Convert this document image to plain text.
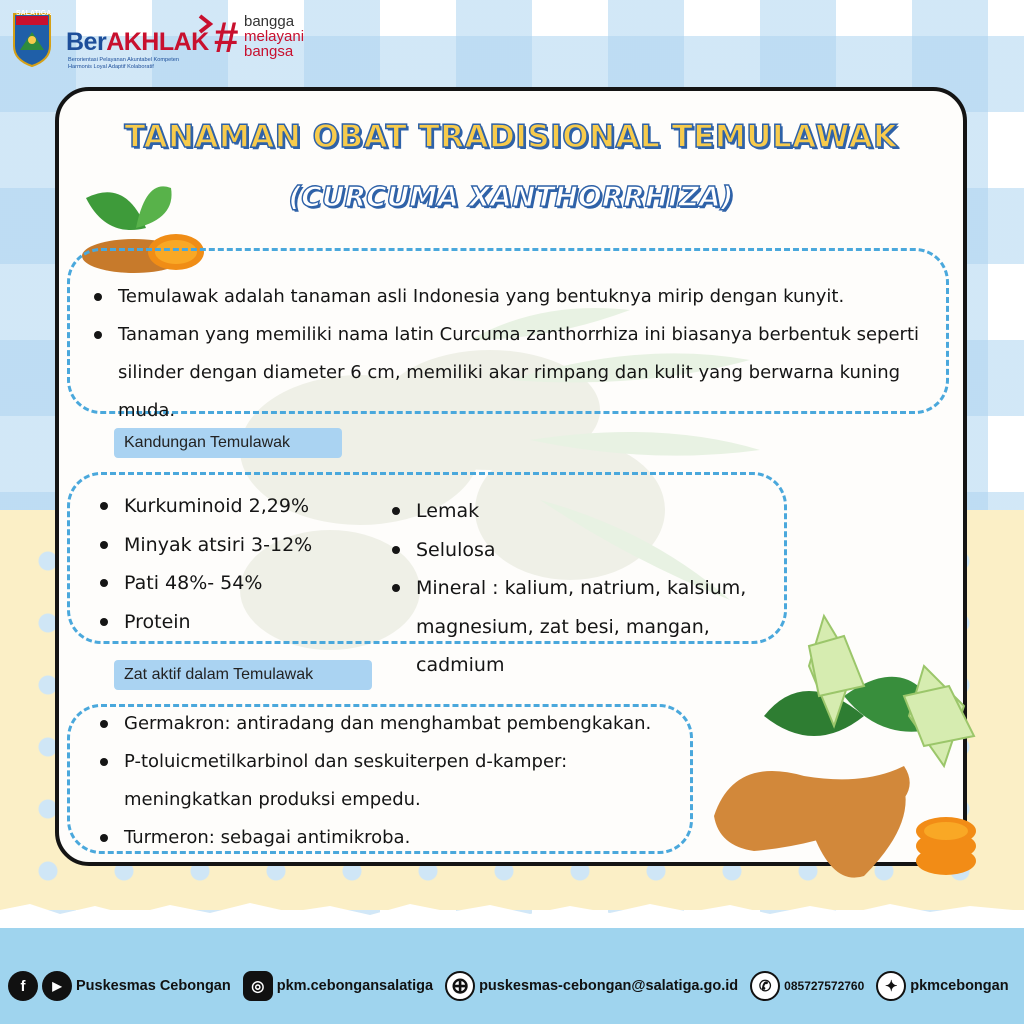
SALATIGA
BerAKHLAK
Berorientasi Pelayanan Akuntabel Kompeten
Harmonis Loyal Adaptif Kolaboratif
# bangga
melayani
bangsa
TANAMAN OBAT TRADISIONAL TEMULAWAK
(CURCUMA XANTHORRHIZA)
Temulawak adalah tanaman asli Indonesia yang bentuknya mirip dengan kunyit.
Tanaman yang memiliki nama latin Curcuma zanthorrhiza ini biasanya berbentuk seperti silinder dengan diameter 6 cm, memiliki akar rimpang dan kulit yang berwarna kuning muda.
Kandungan Temulawak
Kurkuminoid 2,29%
Minyak atsiri 3-12%
Pati 48%- 54%
Protein
Lemak
Selulosa
Mineral : kalium, natrium, kalsium, magnesium, zat besi, mangan, cadmium
Zat aktif dalam Temulawak
Germakron: antiradang dan menghambat pembengkakan.
P-toluicmetilkarbinol dan seskuiterpen d-kamper: meningkatkan produksi empedu.
Turmeron: sebagai antimikroba.
f	▶ Puskesmas Cebongan	◎ pkm.cebongansalatiga ⊕ puskesmas-cebongan@salatiga.go.id	✆	085727572760	✦ pkmcebongan
